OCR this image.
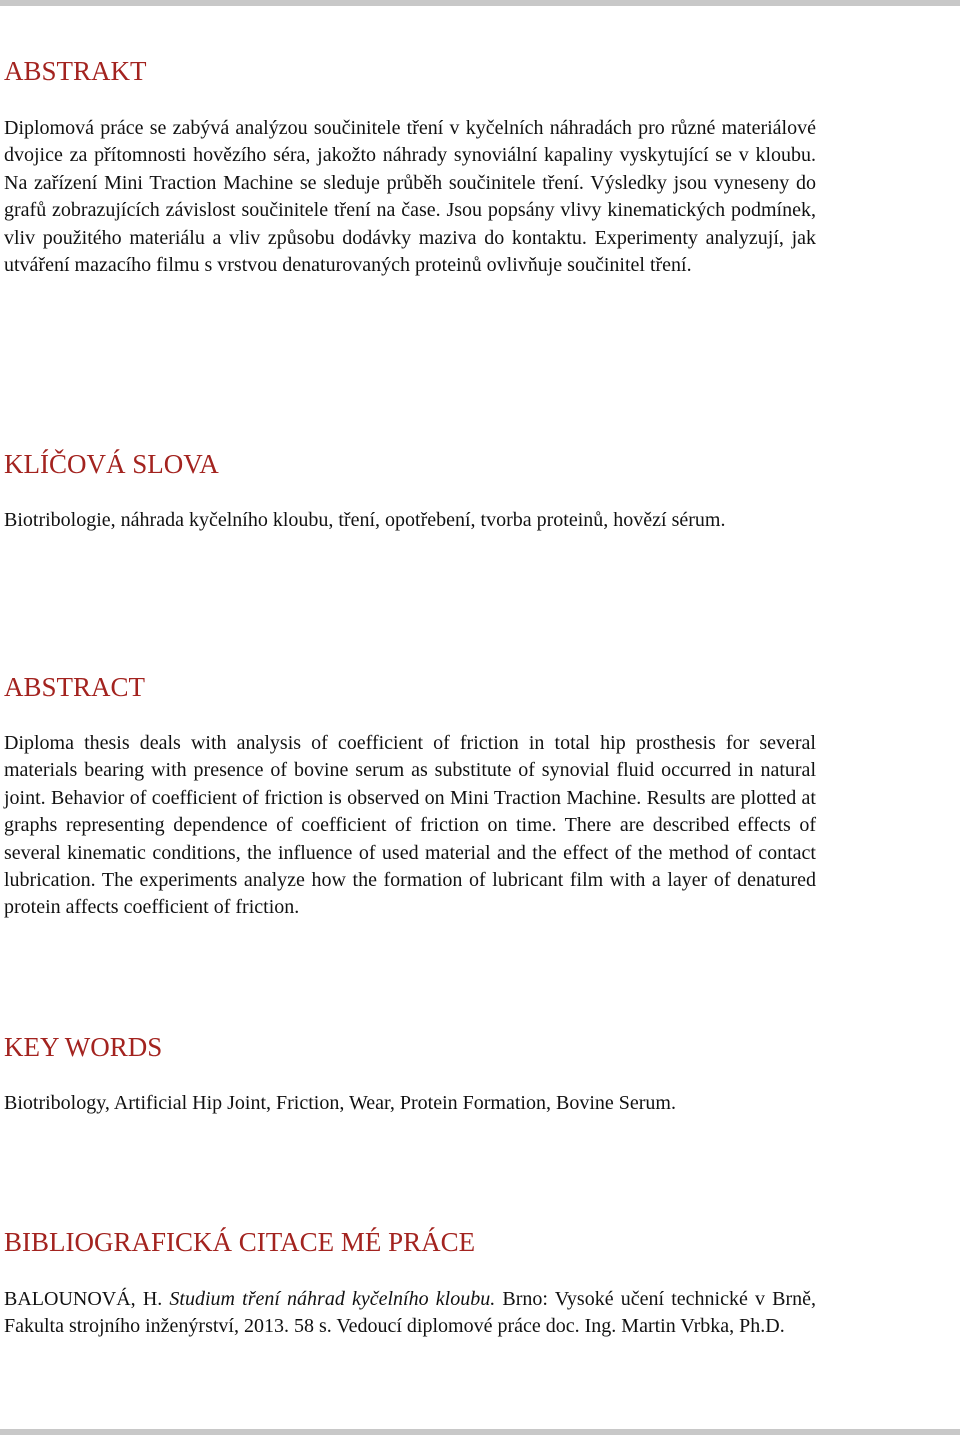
ABSTRAKT
Diplomová práce se zabývá analýzou součinitele tření v kyčelních náhradách pro různé materiálové dvojice za přítomnosti hovězího séra, jakožto náhrady synoviální kapaliny vyskytující se v kloubu. Na zařízení Mini Traction Machine se sleduje průběh součinitele tření. Výsledky jsou vyneseny do grafů zobrazujících závislost součinitele tření na čase. Jsou popsány vlivy kinematických podmínek, vliv použitého materiálu a vliv způsobu dodávky maziva do kontaktu. Experimenty analyzují, jak utváření mazacího filmu s vrstvou denaturovaných proteinů ovlivňuje součinitel tření.
KLÍČOVÁ SLOVA

Biotribologie, náhrada kyčelního kloubu, tření, opotřebení, tvorba proteinů, hovězí sérum.

ABSTRACT

Diploma thesis deals with analysis of coefficient of friction in total hip prosthesis for several materials bearing with presence of bovine serum as substitute of synovial fluid occurred in natural joint. Behavior of coefficient of friction is observed on Mini Traction Machine. Results are plotted at graphs representing dependence of coefficient of friction on time. There are described effects of several kinematic conditions, the influence of used material and the effect of the method of contact lubrication. The experiments analyze how the formation of lubricant film with a layer of denatured protein affects coefficient of friction.

KEY WORDS

Biotribology, Artificial Hip Joint, Friction, Wear, Protein Formation, Bovine Serum.

BIBLIOGRAFICKÁ CITACE MÉ PRÁCE

BALOUNOVÁ, H. Studium tření náhrad kyčelního kloubu. Brno: Vysoké učení technické v Brně, Fakulta strojního inženýrství, 2013. 58 s. Vedoucí diplomové práce doc. Ing. Martin Vrbka, Ph.D.
